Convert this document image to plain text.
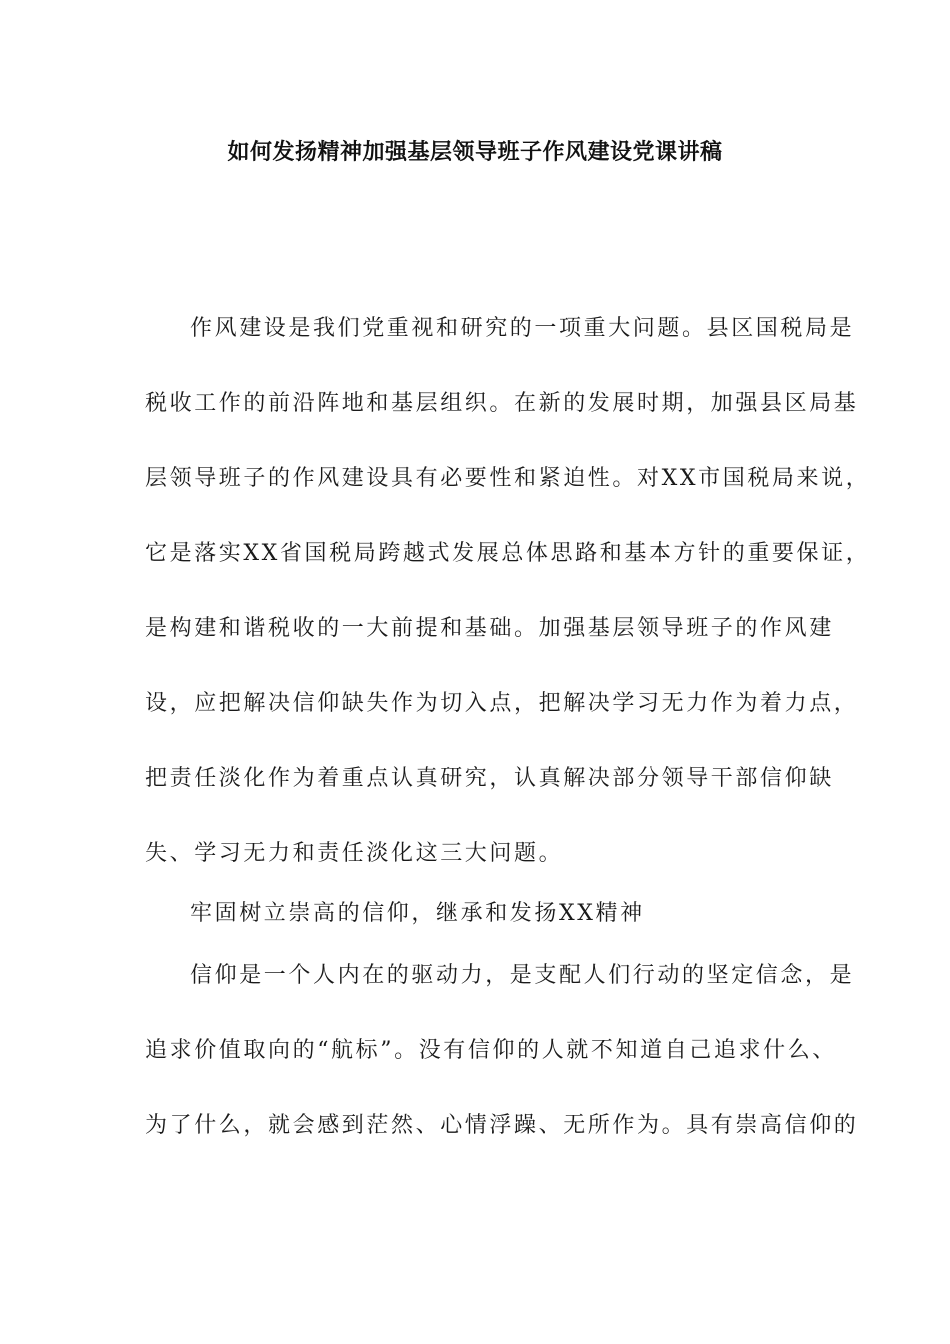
如何发扬精神加强基层领导班子作风建设党课讲稿
作风建设是我们党重视和研究的一项重大问题。县区国税局是
税收工作的前沿阵地和基层组织。在新的发展时期，加强县区局基
层领导班子的作风建设具有必要性和紧迫性。对XX市国税局来说，
它是落实XX省国税局跨越式发展总体思路和基本方针的重要保证，
是构建和谐税收的一大前提和基础。加强基层领导班子的作风建
设，应把解决信仰缺失作为切入点，把解决学习无力作为着力点，
把责任淡化作为着重点认真研究，认真解决部分领导干部信仰缺
失、学习无力和责任淡化这三大问题。
牢固树立崇高的信仰，继承和发扬XX精神
信仰是一个人内在的驱动力，是支配人们行动的坚定信念，是
追求价值取向的“航标”。没有信仰的人就不知道自己追求什么、
为了什么，就会感到茫然、心情浮躁、无所作为。具有崇高信仰的
